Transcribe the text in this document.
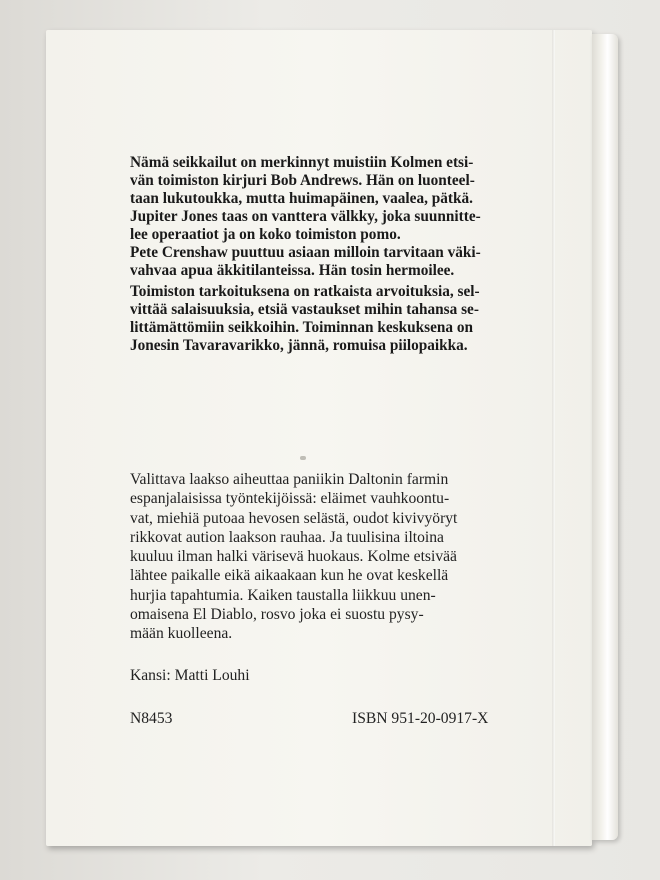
Nämä seikkailut on merkinnyt muistiin Kolmen etsi-

vän toimiston kirjuri Bob Andrews. Hän on luonteel-

taan lukutoukka, mutta huimapäinen, vaalea, pätkä.

Jupiter Jones taas on vanttera välkky, joka suunnitte-

lee operaatiot ja on koko toimiston pomo.

Pete Crenshaw puuttuu asiaan milloin tarvitaan väki-

vahvaa apua äkkitilanteissa. Hän tosin hermoilee.

Toimiston tarkoituksena on ratkaista arvoituksia, sel-

vittää salaisuuksia, etsiä vastaukset mihin tahansa se-

littämättömiin seikkoihin. Toiminnan keskuksena on

Jonesin Tavaravarikko, jännä, romuisa piilopaikka.

Valittava laakso aiheuttaa paniikin Daltonin farmin

espanjalaisissa työntekijöissä: eläimet vauhkoontu-

vat, miehiä putoaa hevosen selästä, oudot kivivyöryt

rikkovat aution laakson rauhaa. Ja tuulisina iltoina

kuuluu ilman halki värisevä huokaus. Kolme etsivää

lähtee paikalle eikä aikaakaan kun he ovat keskellä

hurjia tapahtumia. Kaiken taustalla liikkuu unen-

omaisena El Diablo, rosvo joka ei suostu pysy-

mään kuolleena.

Kansi: Matti Louhi
N8453	ISBN 951-20-0917-X
